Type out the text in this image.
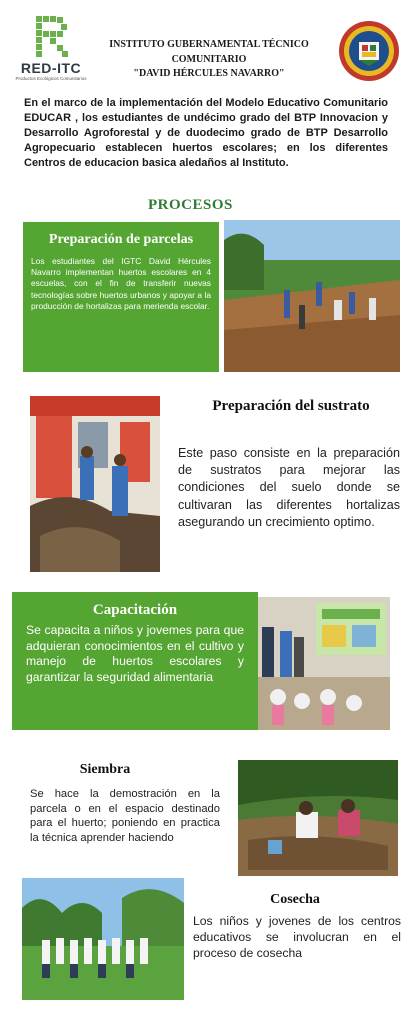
RED-ITC
Productos Ecológicos Comunitarios
INSTITUTO GUBERNAMENTAL TÉCNICO COMUNITARIO
"DAVID HÉRCULES NAVARRO"
En el marco de la implementación del Modelo Educativo Comunitario EDUCAR , los estudiantes de undécimo grado del BTP Innovacion y Desarrollo Agroforestal y de duodecimo grado de BTP Desarrollo Agropecuario establecen huertos escolares; en los diferentes Centros de educacion basica aledaños al Instituto.
PROCESOS
Preparación de parcelas
Los estudiantes del IGTC David Hércules Navarro implementan huertos escolares en 4 escuelas, con el fin de transferir nuevas tecnologías sobre huertos urbanos y apoyar a la producción de hortalizas para merienda escolar.
Preparación del sustrato
Este paso consiste en la preparación de sustratos para mejorar las condiciones del suelo donde se cultivaran las diferentes hortalizas asegurando un crecimiento optimo.
Capacitación
Se capacita a niños y jovemes para que adquieran conocimientos en el cultivo y manejo de huertos escolares y garantizar la seguridad alimentaria
Siembra
Se hace la demostración en la parcela o en el espacio destinado para el huerto; poniendo en practica la técnica aprender haciendo
Cosecha
Los niños y jovenes de los centros educativos se involucran en el proceso de cosecha
